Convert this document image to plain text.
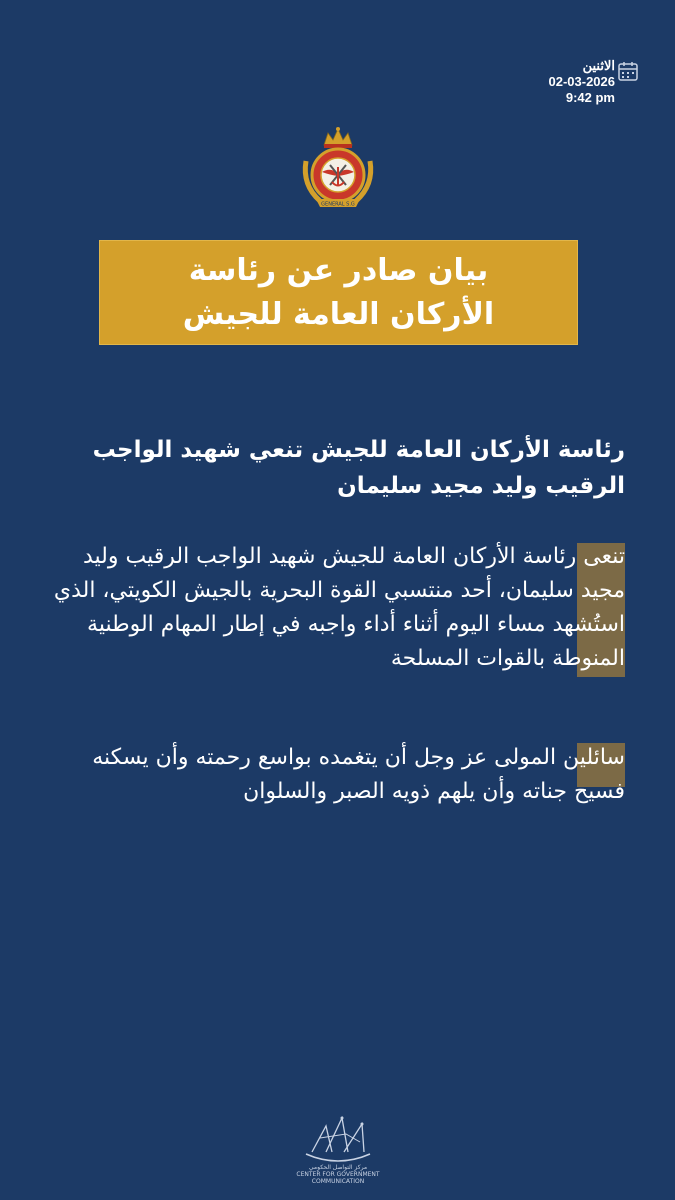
الاثنين
02-03-2026
9:42 pm
GENERAL S.G
بيان صادر عن رئاسة
الأركان العامة للجيش
رئاسة الأركان العامة للجيش تنعي شهيد الواجب
الرقيب وليد مجيد سليمان
تنعى رئاسة الأركان العامة للجيش شهيد الواجب الرقيب وليد مجيد سليمان، أحد منتسبي القوة البحرية بالجيش الكويتي، الذي استُشهد مساء اليوم أثناء أداء واجبه في إطار المهام الوطنية المنوطة بالقوات المسلحة
سائلين المولى عز وجل أن يتغمده بواسع رحمته وأن يسكنه فسيح جناته وأن يلهم ذويه الصبر والسلوان
مركز التواصل الحكومي
CENTER FOR GOVERNMENT COMMUNICATION
